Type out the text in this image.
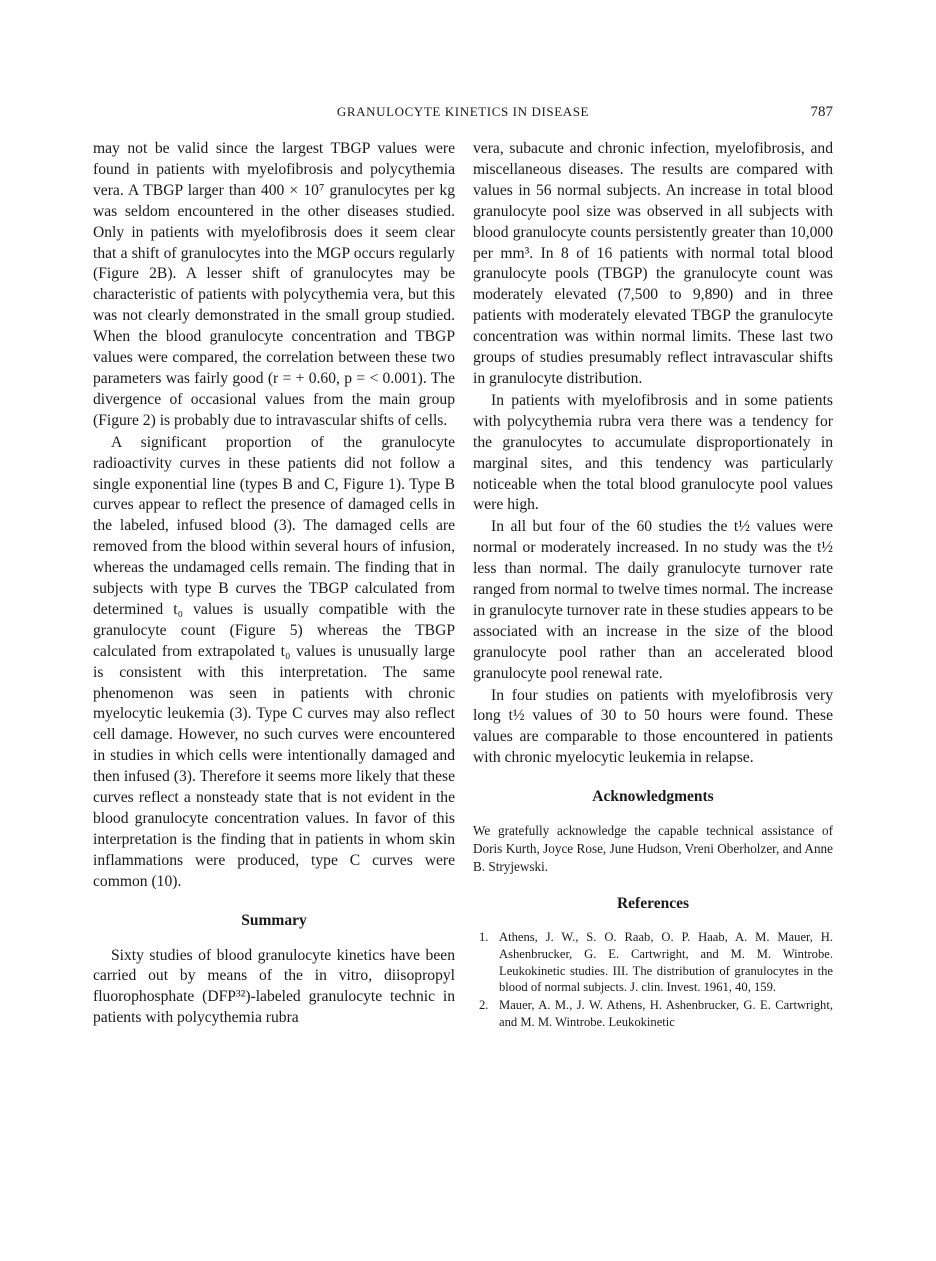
GRANULOCYTE KINETICS IN DISEASE	787

may not be valid since the largest TBGP values were found in patients with myelofibrosis and polycythemia vera. A TBGP larger than 400 × 10⁷ granulocytes per kg was seldom encountered in the other diseases studied. Only in patients with myelofibrosis does it seem clear that a shift of granulocytes into the MGP occurs regularly (Figure 2B). A lesser shift of granulocytes may be characteristic of patients with polycythemia vera, but this was not clearly demonstrated in the small group studied. When the blood granulocyte concentration and TBGP values were compared, the correlation between these two parameters was fairly good (r = + 0.60, p = < 0.001). The divergence of occasional values from the main group (Figure 2) is probably due to intravascular shifts of cells.

A significant proportion of the granulocyte radioactivity curves in these patients did not follow a single exponential line (types B and C, Figure 1). Type B curves appear to reflect the presence of damaged cells in the labeled, infused blood (3). The damaged cells are removed from the blood within several hours of infusion, whereas the undamaged cells remain. The finding that in subjects with type B curves the TBGP calculated from determined t₀ values is usually compatible with the granulocyte count (Figure 5) whereas the TBGP calculated from extrapolated t₀ values is unusually large is consistent with this interpretation. The same phenomenon was seen in patients with chronic myelocytic leukemia (3). Type C curves may also reflect cell damage. However, no such curves were encountered in studies in which cells were intentionally damaged and then infused (3). Therefore it seems more likely that these curves reflect a nonsteady state that is not evident in the blood granulocyte concentration values. In favor of this interpretation is the finding that in patients in whom skin inflammations were produced, type C curves were common (10).

Summary

Sixty studies of blood granulocyte kinetics have been carried out by means of the in vitro, diisopropyl fluorophosphate (DFP³²)-labeled granulocyte technic in patients with polycythemia rubra

vera, subacute and chronic infection, myelofibrosis, and miscellaneous diseases. The results are compared with values in 56 normal subjects. An increase in total blood granulocyte pool size was observed in all subjects with blood granulocyte counts persistently greater than 10,000 per mm³. In 8 of 16 patients with normal total blood granulocyte pools (TBGP) the granulocyte count was moderately elevated (7,500 to 9,890) and in three patients with moderately elevated TBGP the granulocyte concentration was within normal limits. These last two groups of studies presumably reflect intravascular shifts in granulocyte distribution.

In patients with myelofibrosis and in some patients with polycythemia rubra vera there was a tendency for the granulocytes to accumulate disproportionately in marginal sites, and this tendency was particularly noticeable when the total blood granulocyte pool values were high.

In all but four of the 60 studies the t½ values were normal or moderately increased. In no study was the t½ less than normal. The daily granulocyte turnover rate ranged from normal to twelve times normal. The increase in granulocyte turnover rate in these studies appears to be associated with an increase in the size of the blood granulocyte pool rather than an accelerated blood granulocyte pool renewal rate.

In four studies on patients with myelofibrosis very long t½ values of 30 to 50 hours were found. These values are comparable to those encountered in patients with chronic myelocytic leukemia in relapse.

Acknowledgments

We gratefully acknowledge the capable technical assistance of Doris Kurth, Joyce Rose, June Hudson, Vreni Oberholzer, and Anne B. Stryjewski.

References
1. Athens, J. W., S. O. Raab, O. P. Haab, A. M. Mauer, H. Ashenbrucker, G. E. Cartwright, and M. M. Wintrobe. Leukokinetic studies. III. The distribution of granulocytes in the blood of normal subjects. J. clin. Invest. 1961, 40, 159.
2. Mauer, A. M., J. W. Athens, H. Ashenbrucker, G. E. Cartwright, and M. M. Wintrobe. Leukokinetic
